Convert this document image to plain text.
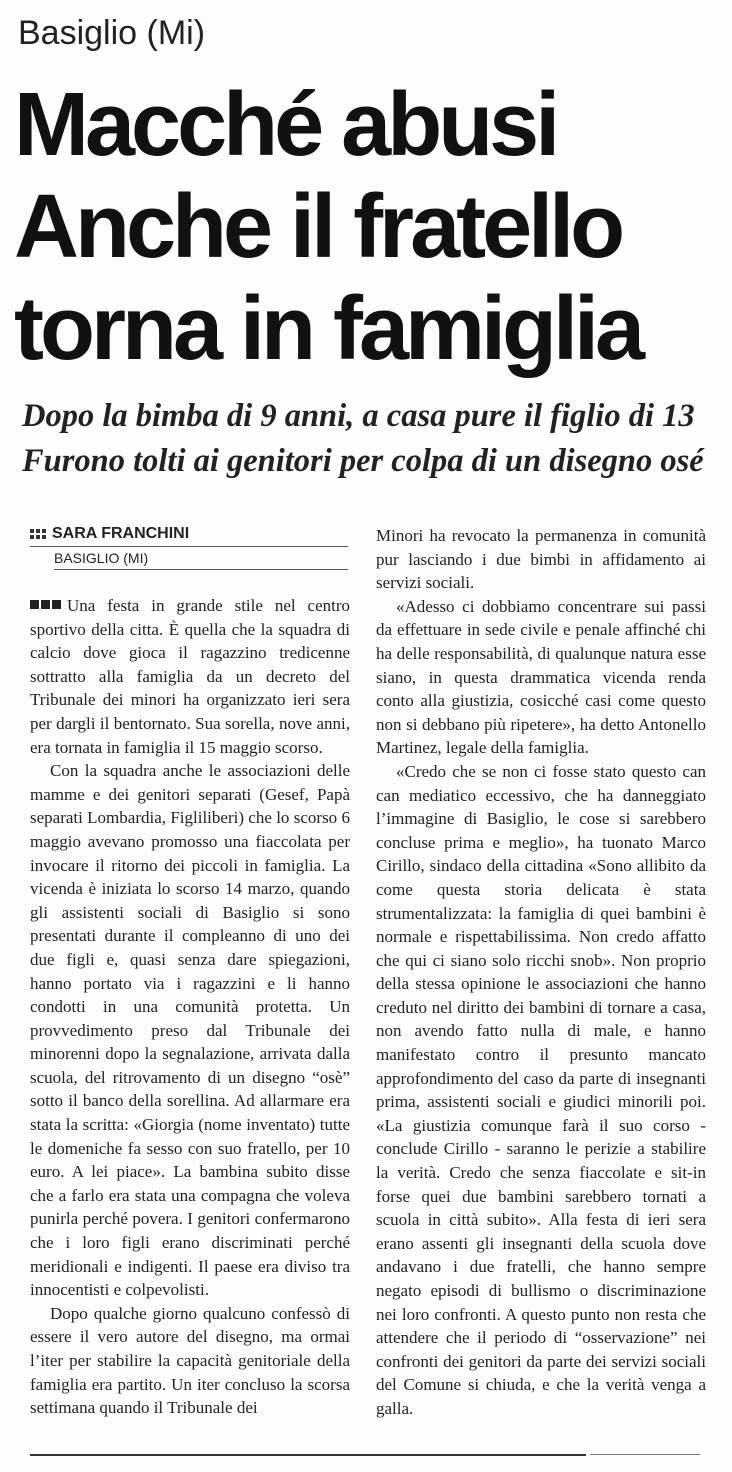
Basiglio (Mi)
Macché abusi
Anche il fratello
torna in famiglia
Dopo la bimba di 9 anni, a casa pure il figlio di 13
Furono tolti ai genitori per colpa di un disegno osé
SARA FRANCHINI
BASIGLIO (MI)

Una festa in grande stile nel centro sportivo della citta. È quella che la squadra di calcio dove gioca il ragazzino tredicenne sottratto alla famiglia da un decreto del Tribunale dei minori ha organizzato ieri sera per dargli il bentornato. Sua sorella, nove anni, era tornata in famiglia il 15 maggio scorso.

Con la squadra anche le associazioni delle mamme e dei genitori separati (Gesef, Papà separati Lombardia, Figliliberi) che lo scorso 6 maggio avevano promosso una fiaccolata per invocare il ritorno dei piccoli in famiglia. La vicenda è iniziata lo scorso 14 marzo, quando gli assistenti sociali di Basiglio si sono presentati durante il compleanno di uno dei due figli e, quasi senza dare spiegazioni, hanno portato via i ragazzini e li hanno condotti in una comunità protetta. Un provvedimento preso dal Tribunale dei minorenni dopo la segnalazione, arrivata dalla scuola, del ritrovamento di un disegno “osè” sotto il banco della sorellina. Ad allarmare era stata la scritta: «Giorgia (nome inventato) tutte le domeniche fa sesso con suo fratello, per 10 euro. A lei piace». La bambina subito disse che a farlo era stata una compagna che voleva punirla perché povera. I genitori confermarono che i loro figli erano discriminati perché meridionali e indigenti. Il paese era diviso tra innocentisti e colpevolisti.

Dopo qualche giorno qualcuno confessò di essere il vero autore del disegno, ma ormai l’iter per stabilire la capacità genitoriale della famiglia era partito. Un iter concluso la scorsa settimana quando il Tribunale dei

Minori ha revocato la permanenza in comunità pur lasciando i due bimbi in affidamento ai servizi sociali.

«Adesso ci dobbiamo concentrare sui passi da effettuare in sede civile e penale affinché chi ha delle responsabilità, di qualunque natura esse siano, in questa drammatica vicenda renda conto alla giustizia, cosicché casi come questo non si debbano più ripetere», ha detto Antonello Martinez, legale della famiglia.

«Credo che se non ci fosse stato questo can can mediatico eccessivo, che ha danneggiato l’immagine di Basiglio, le cose si sarebbero concluse prima e meglio», ha tuonato Marco Cirillo, sindaco della cittadina «Sono allibito da come questa storia delicata è stata strumentalizzata: la famiglia di quei bambini è normale e rispettabilissima. Non credo affatto che qui ci siano solo ricchi snob». Non proprio della stessa opinione le associazioni che hanno creduto nel diritto dei bambini di tornare a casa, non avendo fatto nulla di male, e hanno manifestato contro il presunto mancato approfondimento del caso da parte di insegnanti prima, assistenti sociali e giudici minorili poi. «La giustizia comunque farà il suo corso - conclude Cirillo - saranno le perizie a stabilire la verità. Credo che senza fiaccolate e sit-in forse quei due bambini sarebbero tornati a scuola in città subito». Alla festa di ieri sera erano assenti gli insegnanti della scuola dove andavano i due fratelli, che hanno sempre negato episodi di bullismo o discriminazione nei loro confronti. A questo punto non resta che attendere che il periodo di “osservazione” nei confronti dei genitori da parte dei servizi sociali del Comune si chiuda, e che la verità venga a galla.
